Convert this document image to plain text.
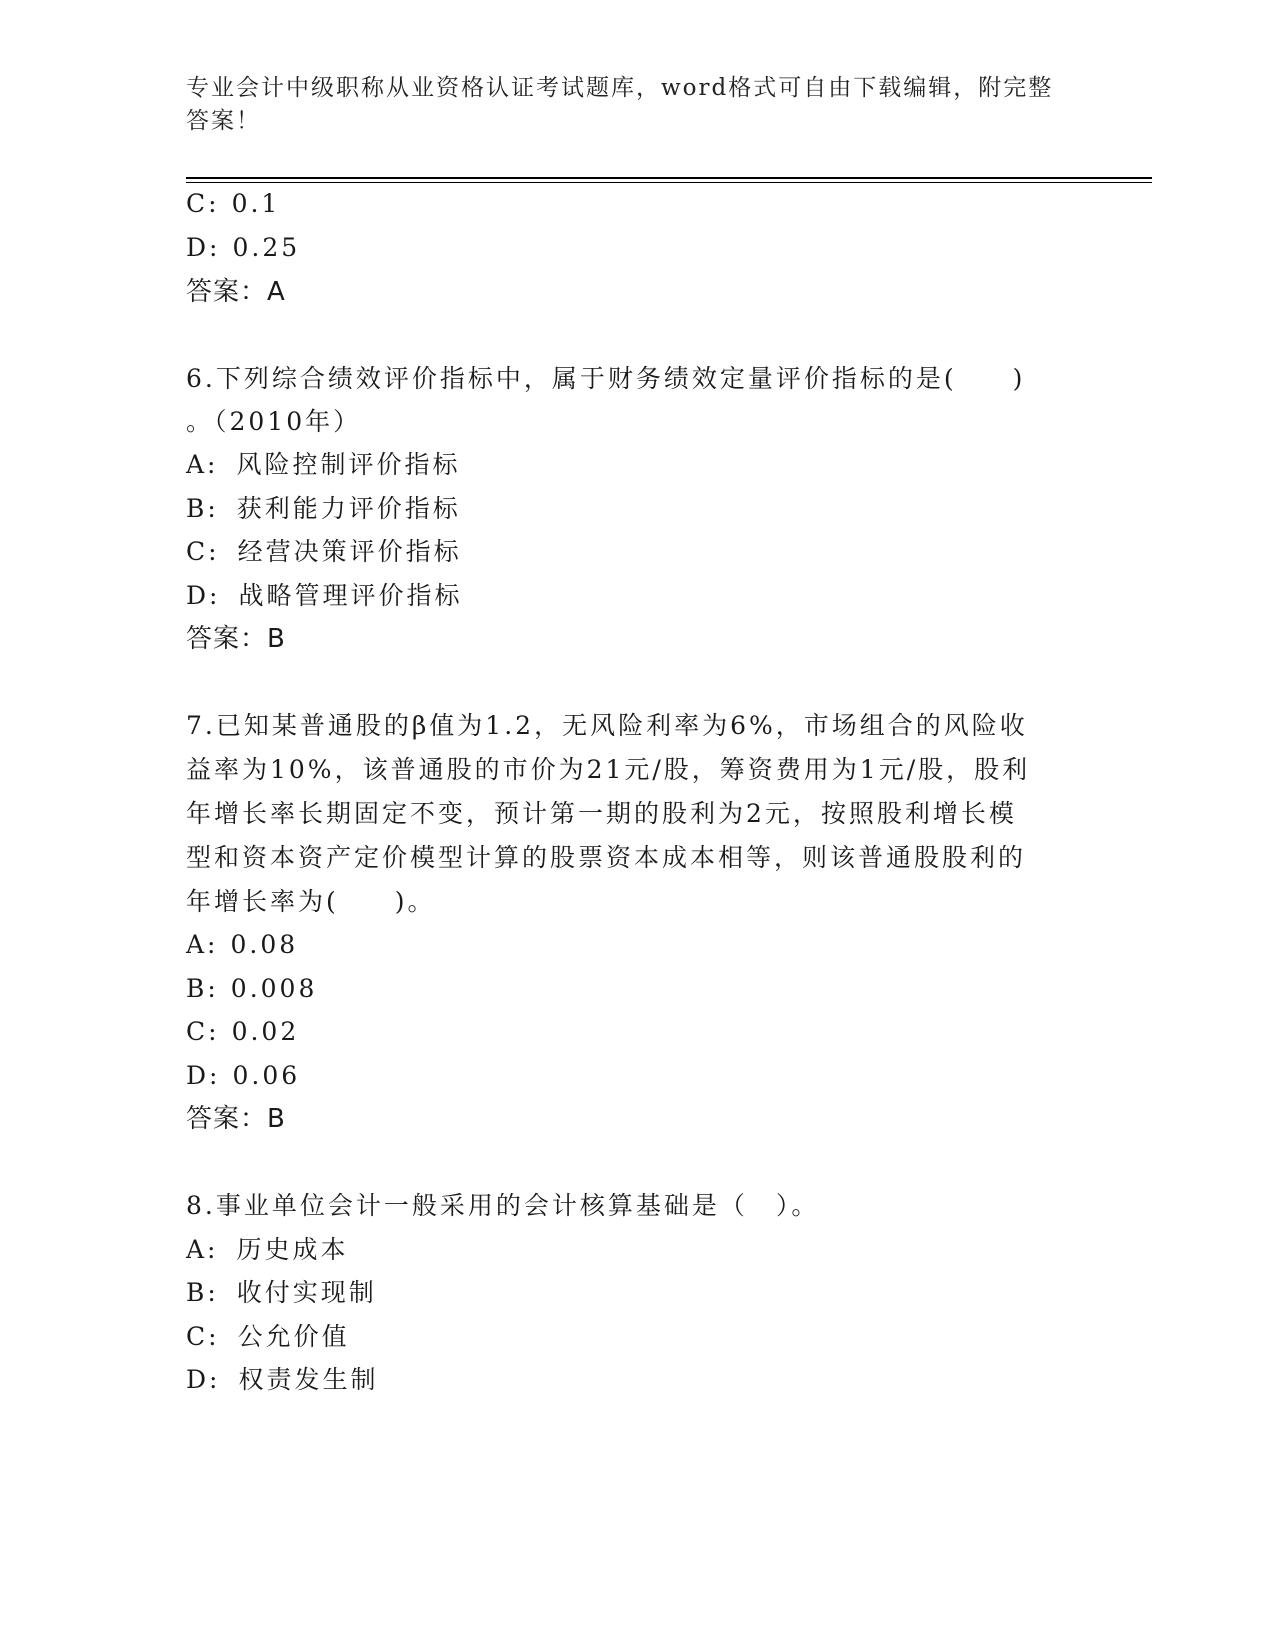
专业会计中级职称从业资格认证考试题库，word格式可自由下载编辑，附完整答案！
C: 0.1
D: 0.25
答案：A
6.下列综合绩效评价指标中，属于财务绩效定量评价指标的是(　　)
。（2010年）
A: 风险控制评价指标
B: 获利能力评价指标
C: 经营决策评价指标
D: 战略管理评价指标
答案：B
7.已知某普通股的β值为1.2，无风险利率为6%，市场组合的风险收
益率为10%，该普通股的市价为21元/股，筹资费用为1元/股，股利
年增长率长期固定不变，预计第一期的股利为2元，按照股利增长模
型和资本资产定价模型计算的股票资本成本相等，则该普通股股利的
年增长率为(　　)。
A: 0.08
B: 0.008
C: 0.02
D: 0.06
答案：B
8.事业单位会计一般采用的会计核算基础是（　）。
A: 历史成本
B: 收付实现制
C: 公允价值
D: 权责发生制
